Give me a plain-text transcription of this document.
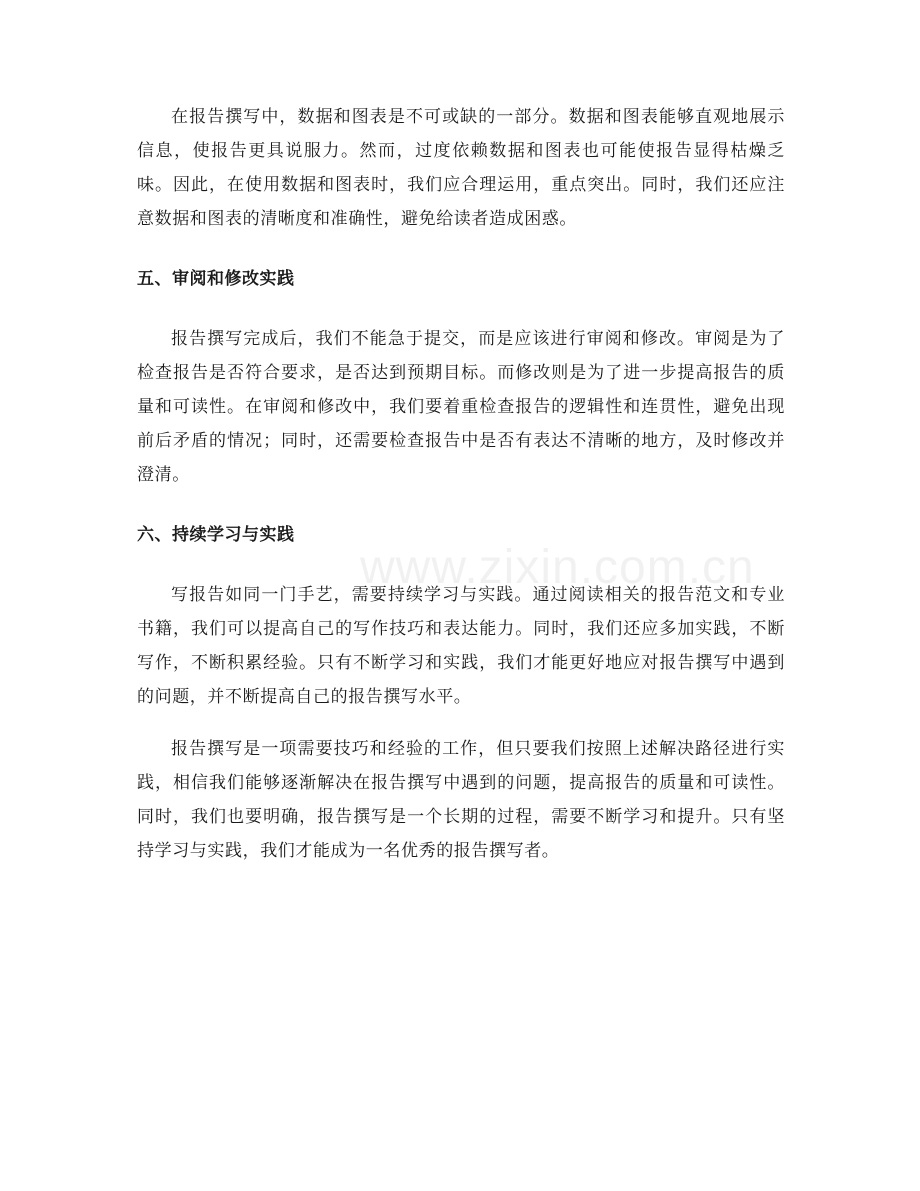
在报告撰写中，数据和图表是不可或缺的一部分。数据和图表能够直观地展示信息，使报告更具说服力。然而，过度依赖数据和图表也可能使报告显得枯燥乏味。因此，在使用数据和图表时，我们应合理运用，重点突出。同时，我们还应注意数据和图表的清晰度和准确性，避免给读者造成困惑。

五、审阅和修改实践

报告撰写完成后，我们不能急于提交，而是应该进行审阅和修改。审阅是为了检查报告是否符合要求，是否达到预期目标。而修改则是为了进一步提高报告的质量和可读性。在审阅和修改中，我们要着重检查报告的逻辑性和连贯性，避免出现前后矛盾的情况；同时，还需要检查报告中是否有表达不清晰的地方，及时修改并澄清。

六、持续学习与实践

写报告如同一门手艺，需要持续学习与实践。通过阅读相关的报告范文和专业书籍，我们可以提高自己的写作技巧和表达能力。同时，我们还应多加实践，不断写作，不断积累经验。只有不断学习和实践，我们才能更好地应对报告撰写中遇到的问题，并不断提高自己的报告撰写水平。

报告撰写是一项需要技巧和经验的工作，但只要我们按照上述解决路径进行实践，相信我们能够逐渐解决在报告撰写中遇到的问题，提高报告的质量和可读性。同时，我们也要明确，报告撰写是一个长期的过程，需要不断学习和提升。只有坚持学习与实践，我们才能成为一名优秀的报告撰写者。

www.zixin.com.cn
